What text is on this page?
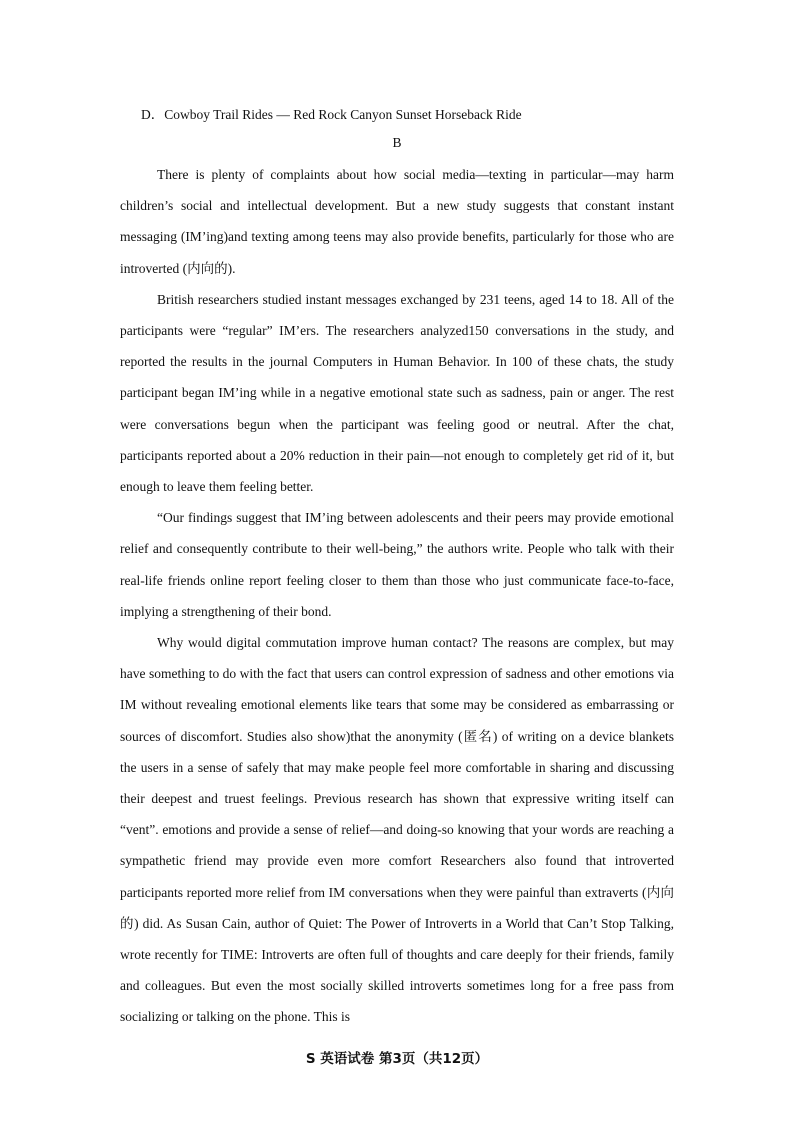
D．Cowboy Trail Rides — Red Rock Canyon Sunset Horseback Ride
B

There is plenty of complaints about how social media—texting in particular—may harm children’s social and intellectual development. But a new study suggests that constant instant messaging (IM’ing)and texting among teens may also provide benefits, particularly for those who are introverted (内向的).

British researchers studied instant messages exchanged by 231 teens, aged 14 to 18. All of the participants were “regular” IM’ers. The researchers analyzed150 conversations in the study, and reported the results in the journal Computers in Human Behavior. In 100 of these chats, the study participant began IM’ing while in a negative emotional state such as sadness, pain or anger. The rest were conversations begun when the participant was feeling good or neutral. After the chat, participants reported about a 20% reduction in their pain—not enough to completely get rid of it, but enough to leave them feeling better.

“Our findings suggest that IM’ing between adolescents and their peers may provide emotional relief and consequently contribute to their well-being,” the authors write. People who talk with their real-life friends online report feeling closer to them than those who just communicate face-to-face, implying a strengthening of their bond.

Why would digital commutation improve human contact? The reasons are complex, but may have something to do with the fact that users can control expression of sadness and other emotions via IM without revealing emotional elements like tears that some may be considered as embarrassing or sources of discomfort. Studies also show)that the anonymity (匿名) of writing on a device blankets the users in a sense of safely that may make people feel more comfortable in sharing and discussing their deepest and truest feelings. Previous research has shown that expressive writing itself can “vent”. emotions and provide a sense of relief—and doing-so knowing that your words are reaching a sympathetic friend may provide even more comfort Researchers also found that introverted participants reported more relief from IM conversations when they were painful than extraverts (内向的) did. As Susan Cain, author of Quiet: The Power of Introverts in a World that Can’t Stop Talking, wrote recently for TIME: Introverts are often full of thoughts and care deeply for their friends, family and colleagues. But even the most socially skilled introverts sometimes long for a free pass from socializing or talking on the phone. This is

S 英语试卷 第3页（共12页）
